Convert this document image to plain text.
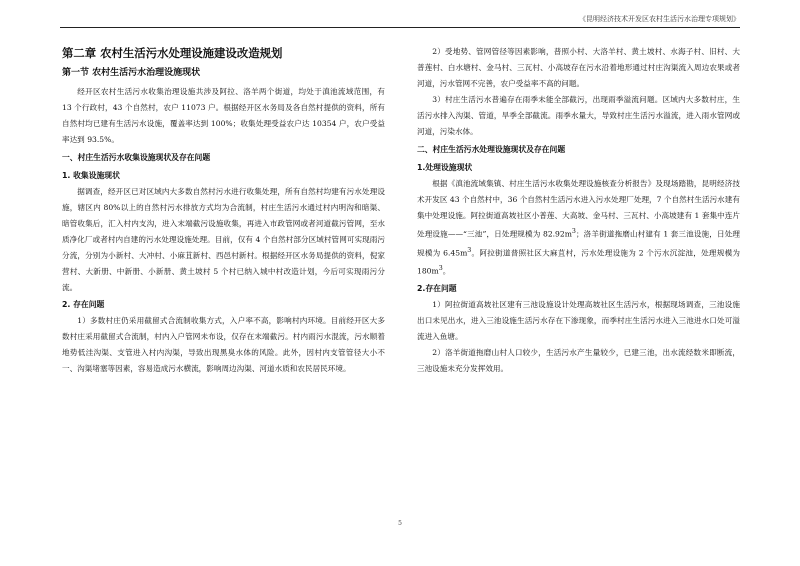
《昆明经济技术开发区农村生活污水治理专项规划》
第二章 农村生活污水处理设施建设改造规划
第一节 农村生活污水治理设施现状

经开区农村生活污水收集治理设施共涉及阿拉、洛羊两个街道，均处于滇池流域范围，有 13 个行政村，43 个自然村，农户 11073 户。根据经开区水务局及各自然村提供的资料，所有自然村均已建有生活污水设施，覆盖率达到 100%；收集处理受益农户达 10354 户，农户受益率达到 93.5%。

一、村庄生活污水收集设施现状及存在问题
1. 收集设施现状

据调查，经开区已对区域内大多数自然村污水进行收集处理，所有自然村均建有污水处理设施，辖区内 80%以上的自然村污水排放方式均为合流制，村庄生活污水通过村内明沟和暗渠、暗管收集后，汇入村内支沟，进入末端截污设施收集，再进入市政管网或者河道截污管网，至水质净化厂或者村内自建的污水处理设施处理。目前，仅有 4 个自然村部分区域村管网可实现雨污分流，分别为小新村、大冲村、小麻苴新村、西邑村新村。根据经开区水务局提供的资料，倪家营村、大新册、中新册、小新册、黄土坡村 5 个村已纳入城中村改造计划，今后可实现雨污分流。

2. 存在问题

1）多数村庄仍采用截留式合流制收集方式，入户率不高，影响村内环境。目前经开区大多数村庄采用截留式合流制，村内入户管网未布设，仅存在末端截污。村内雨污水混流，污水顺着地势低洼沟渠、支管进入村内沟渠，导致出现黑臭水体的风险。此外，因村内支管管径大小不一、沟渠堵塞等因素，容易造成污水横流，影响周边沟渠、河道水质和农民居民环境。

2）受地势、管网管径等因素影响，普照小村、大洛羊村、黄土坡村、水海子村、旧村、大普莲村、白水塘村、金马村、三瓦村、小高坡存在污水沿着地形通过村庄沟渠流入周边农果或者河道，污水管网不完善，农户受益率不高的问题。

3）村庄生活污水普遍存在雨季未能全部截污，出现雨季溢流问题。区域内大多数村庄，生活污水排入沟渠、管道，旱季全部截流。雨季水量大，导致村庄生活污水溢流，进入雨水管网或河道，污染水体。

二、村庄生活污水处理设施现状及存在问题
1.处理设施现状

根据《滇池流域集镇、村庄生活污水收集处理设施核查分析报告》及现场踏勘，昆明经济技术开发区 43 个自然村中，36 个自然村生活污水进入污水处理厂处理，7 个自然村生活污水建有集中处理设施。阿拉街道高坡社区小普莲、大高坡、金马村、三瓦村、小高坡建有 1 套集中连片处理设施——“三池”，日处理规模为 $82.92m^3$；洛羊街道拖磨山村建有 1 套三池设施，日处理规模为 $6.45m^3$。阿拉街道普照社区大麻苴村，污水处理设施为 2 个污水沉淀池，处理规模为 $180m^3$。

2.存在问题

1）阿拉街道高坡社区建有三池设施设计处理高坡社区生活污水，根据现场调查，三池设施出口未见出水，进入三池设施生活污水存在下渗现象，而季村庄生活污水进入三池进水口处可溢流进入鱼塘。

2）洛羊街道拖磨山村人口较少，生活污水产生量较少，已建三池，出水流经数米即断流，三池设施未充分发挥效用。

5
